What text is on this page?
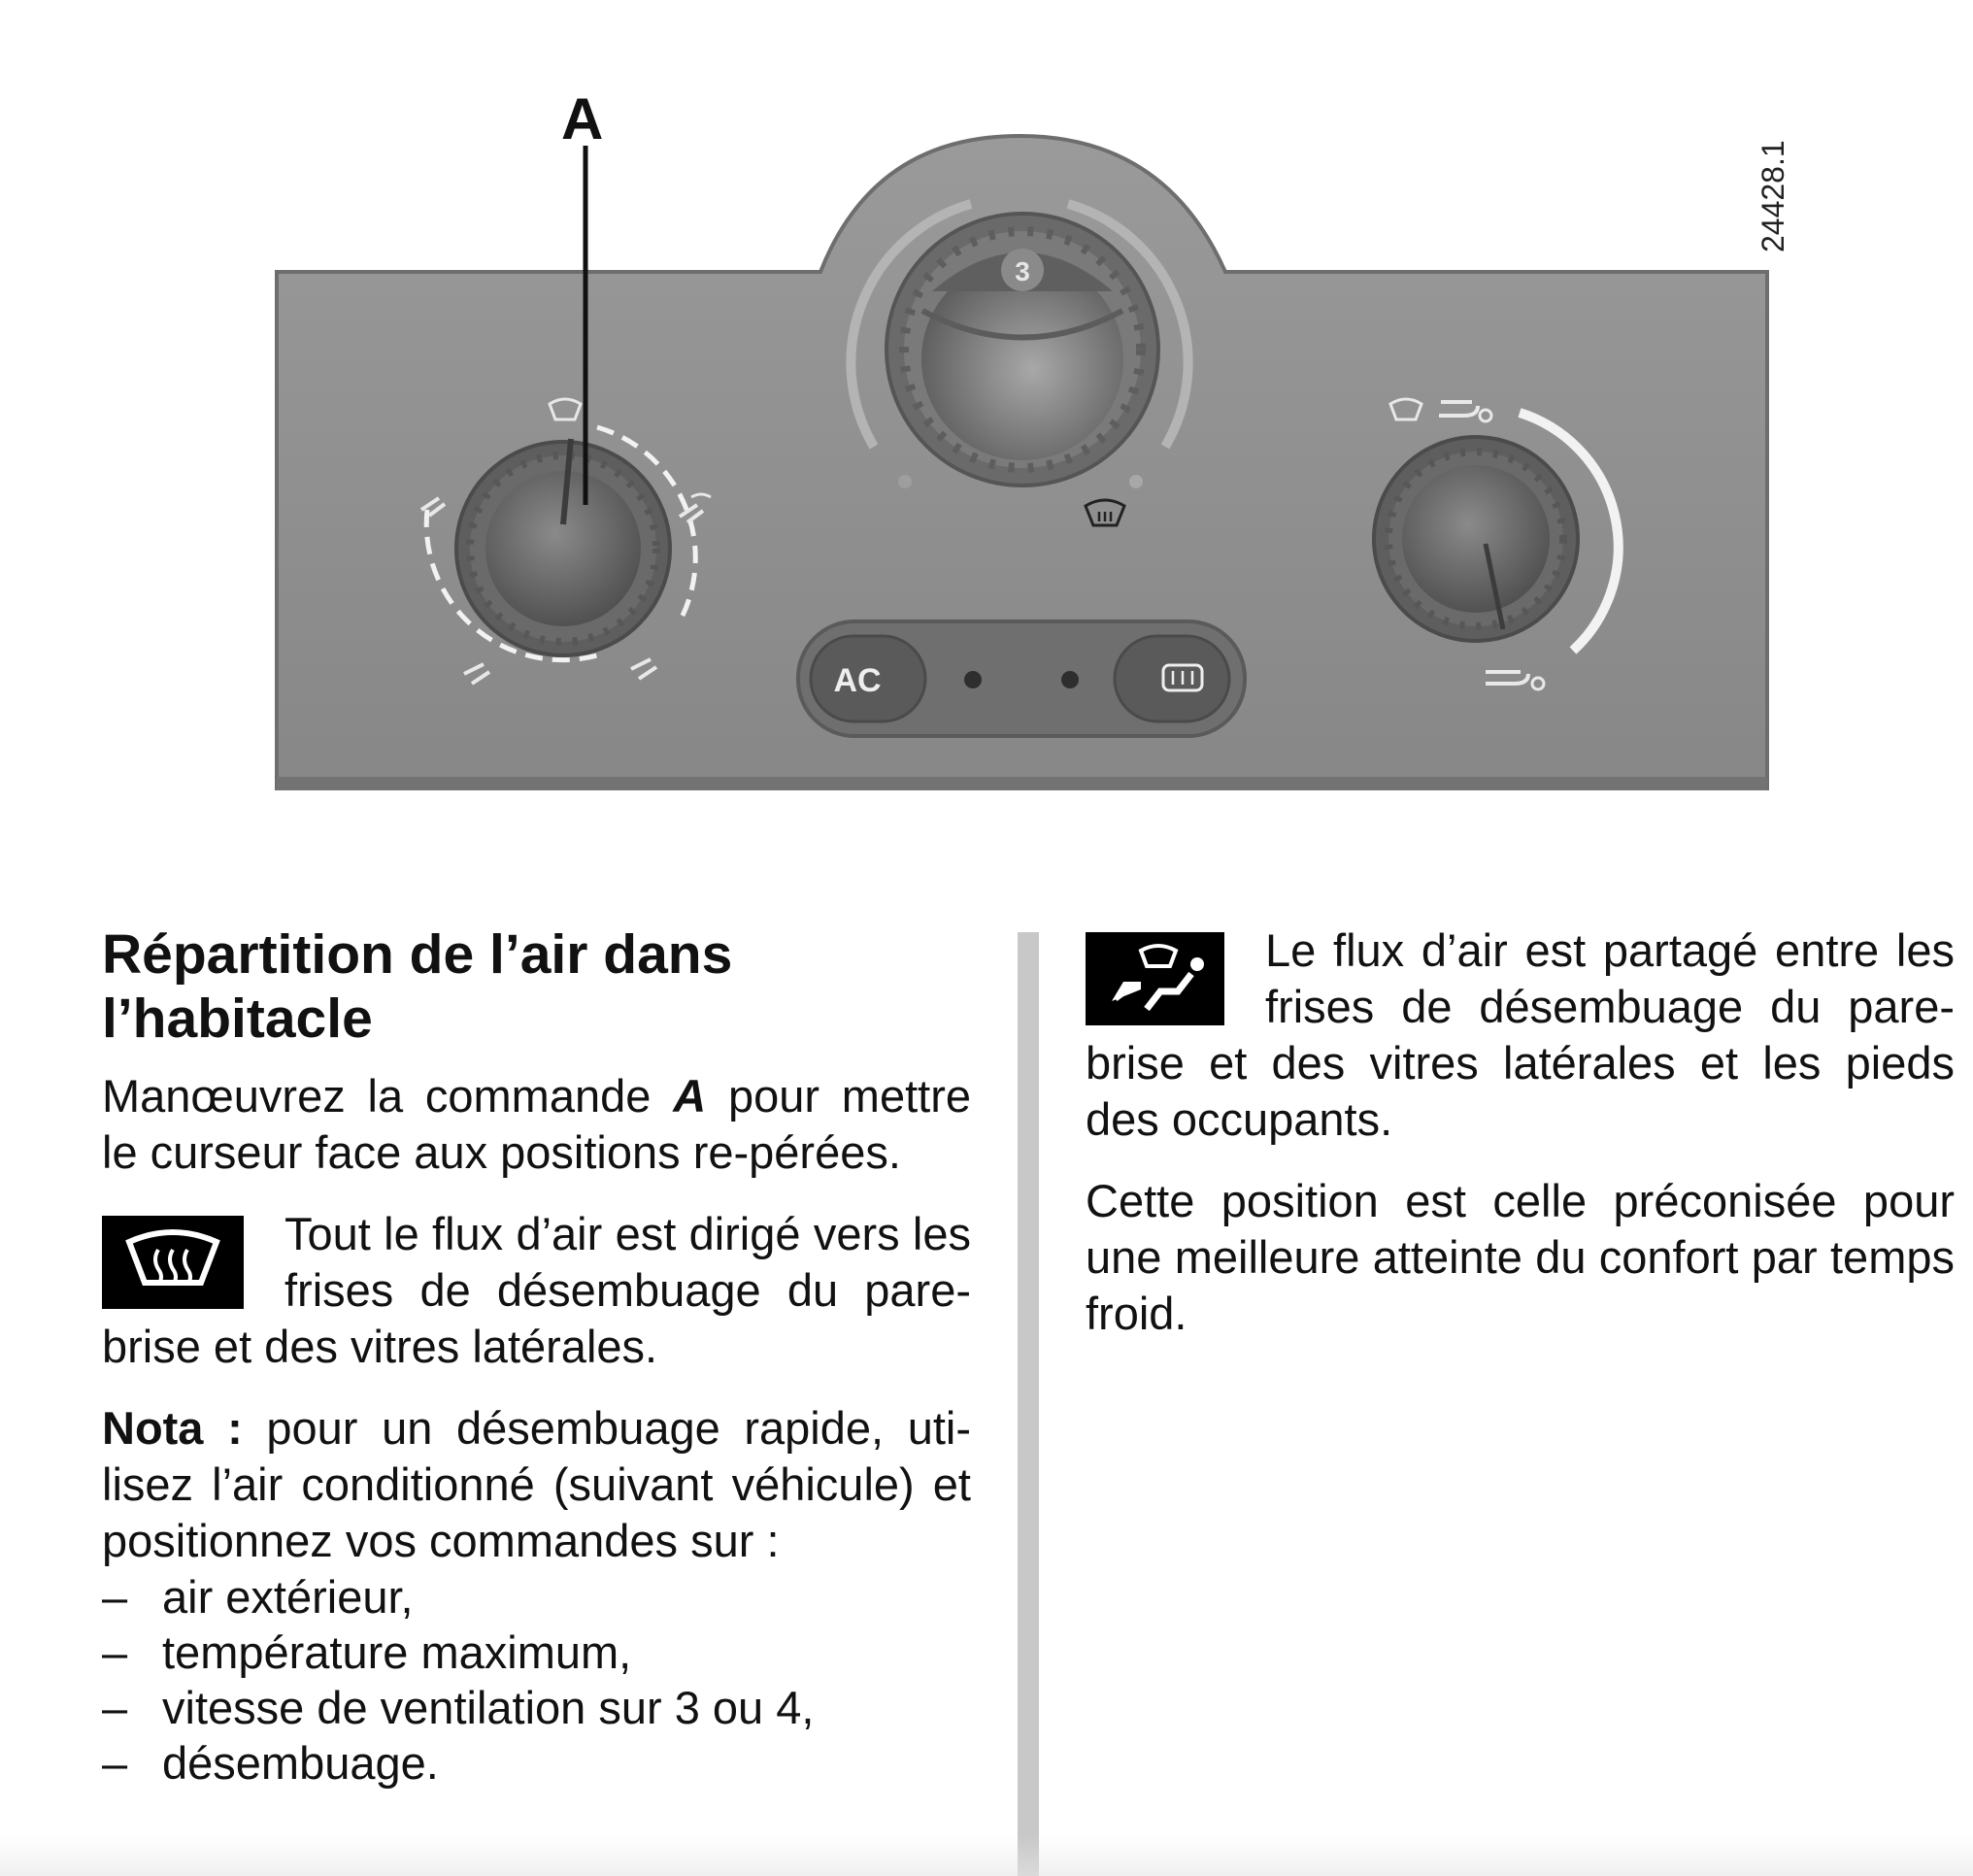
3
AC
A
24428.1
Répartition de l’air dans
l’habitacle

Manœuvrez la commande A pour mettre le curseur face aux positions re-pérées.

Tout le flux d’air est dirigé vers les frises de désembuage du pare-brise et des vitres latérales.

Nota : pour un désembuage rapide, uti-lisez l’air conditionné (suivant véhicule) et positionnez vos commandes sur :

– air extérieur,
– température maximum,
– vitesse de ventilation sur 3 ou 4,
– désembuage.

Le flux d’air est partagé entre les frises de désembuage du pare-brise et des vitres latérales et les pieds des occupants.

Cette position est celle préconisée pour une meilleure atteinte du confort par temps froid.
